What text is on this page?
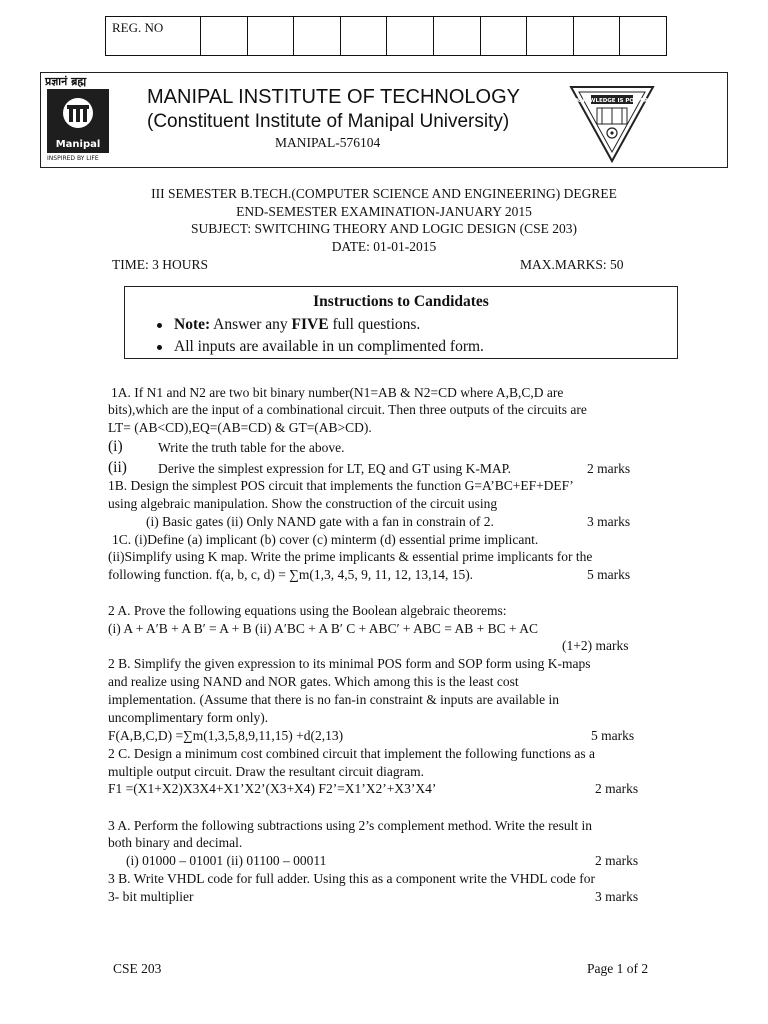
REG. NO
प्रज्ञानं ब्रह्म
Manipal
INSPIRED BY LIFE
MANIPAL INSTITUTE OF TECHNOLOGY
(Constituent Institute of Manipal University)
MANIPAL-576104
KNOWLEDGE IS POWER
III SEMESTER B.TECH.(COMPUTER SCIENCE AND ENGINEERING) DEGREE
END-SEMESTER EXAMINATION-JANUARY 2015
SUBJECT: SWITCHING THEORY AND LOGIC DESIGN (CSE 203)
DATE: 01-01-2015
TIME: 3 HOURS	MAX.MARKS: 50
Instructions to Candidates
Note: Answer any FIVE full questions.
All inputs are available in un complimented form.
1A. If N1 and N2 are two bit binary number(N1=AB & N2=CD where A,B,C,D are
bits),which are the input of a combinational circuit. Then three outputs of the circuits are
LT= (AB<CD),EQ=(AB=CD) & GT=(AB>CD).
(i)	Write the truth table for the above.
(ii) Derive the simplest expression for LT, EQ and GT using K-MAP.	2 marks
1B. Design the simplest POS circuit that implements the function G=A’BC+EF+DEF’
using algebraic manipulation. Show the construction of the circuit using
(i) Basic gates (ii) Only NAND gate with a fan in constrain of 2.	3 marks
1C. (i)Define (a) implicant (b) cover (c) minterm (d) essential prime implicant.
(ii)Simplify using K map. Write the prime implicants & essential prime implicants for the
following function. f(a, b, c, d) = ∑m(1,3, 4,5, 9, 11, 12, 13,14, 15).	5 marks
2 A. Prove the following equations using the Boolean algebraic theorems:
(i) A + A′B + A B′ = A + B (ii) A′BC + A B′ C + ABC′ + ABC = AB + BC + AC
(1+2) marks
2 B. Simplify the given expression to its minimal POS form and SOP form using K-maps
and realize using NAND and NOR gates. Which among this is the least cost
implementation. (Assume that there is no fan-in constraint & inputs are available in
uncomplimentary form only).
F(A,B,C,D) =∑m(1,3,5,8,9,11,15) +d(2,13)	5 marks
2 C. Design a minimum cost combined circuit that implement the following functions as a
multiple output circuit. Draw the resultant circuit diagram.
F1 =(X1+X2)X3X4+X1’X2’(X3+X4) F2’=X1’X2’+X3’X4’	2 marks
3 A. Perform the following subtractions using 2’s complement method. Write the result in
both binary and decimal.
(i) 01000 – 01001 (ii) 01100 – 00011	2 marks
3 B. Write VHDL code for full adder. Using this as a component write the VHDL code for
3- bit multiplier	3 marks
CSE 203	Page 1 of 2
